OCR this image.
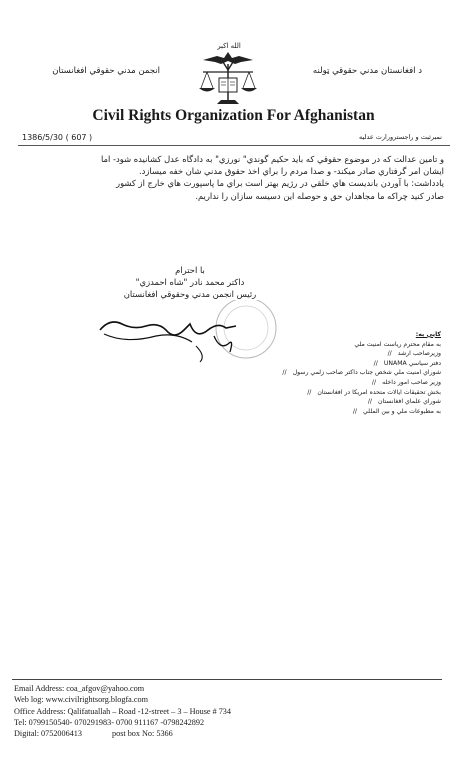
الله اکبر
د افغانستان مدني حقوقي ټولنه
انجمن مدني حقوقي افغانستان
Civil Rights Organization For Afghanistan
نمبرثبت و راجسترورارت عدليه
1386/5/30 ( 607 )

و تامين عدالت كه در موضوع حقوقي كه بايد حكيم گوندي" نورزي" به دادگاه عدل كشانيده شود- اما

ايشان امر گرفتاري صادر ميكند- و صدا مردم را براي اخذ حقوق مدني شان خفه ميسازد.

يادداشت: با آوردن بانديست هاي خلقي در رژيم بهتر است براي ما پاسپورت هاي خارج از كشور

صادر كنيد چراكه ما مجاهدان حق و حوصله اين دسيسه سازان را نداريم.

با احترام
داكتر محمد نادر "شاه احمدزي"
رئيس انجمن مدني وحقوقي افغانستان
كاپي به:
به مقام محترم رياست امنيت ملي
وزيرصاحب ارشد
//
دفتر سياسي UNAMA
//
شوراي امنيت ملي شخص جناب داكتر صاحب زلمي رسول
//
وزير صاحب امور داخله
//
بخش تحقيقات ايالات متحده امريكا در افغانستان
//
شوراي علماي افغانستان
//
به مطبوعات ملي و بين المللي
//
Email Address: coa_afgov@yahoo.com
Web log: www.civilrightsorg.blogfa.com
Office Address: Qalifatuallah – Road -12-street – 3 – House # 734
Tel: 0799150540- 070291983- 0700 911167 -0798242892
Digital: 0752006413	post box No: 5366
